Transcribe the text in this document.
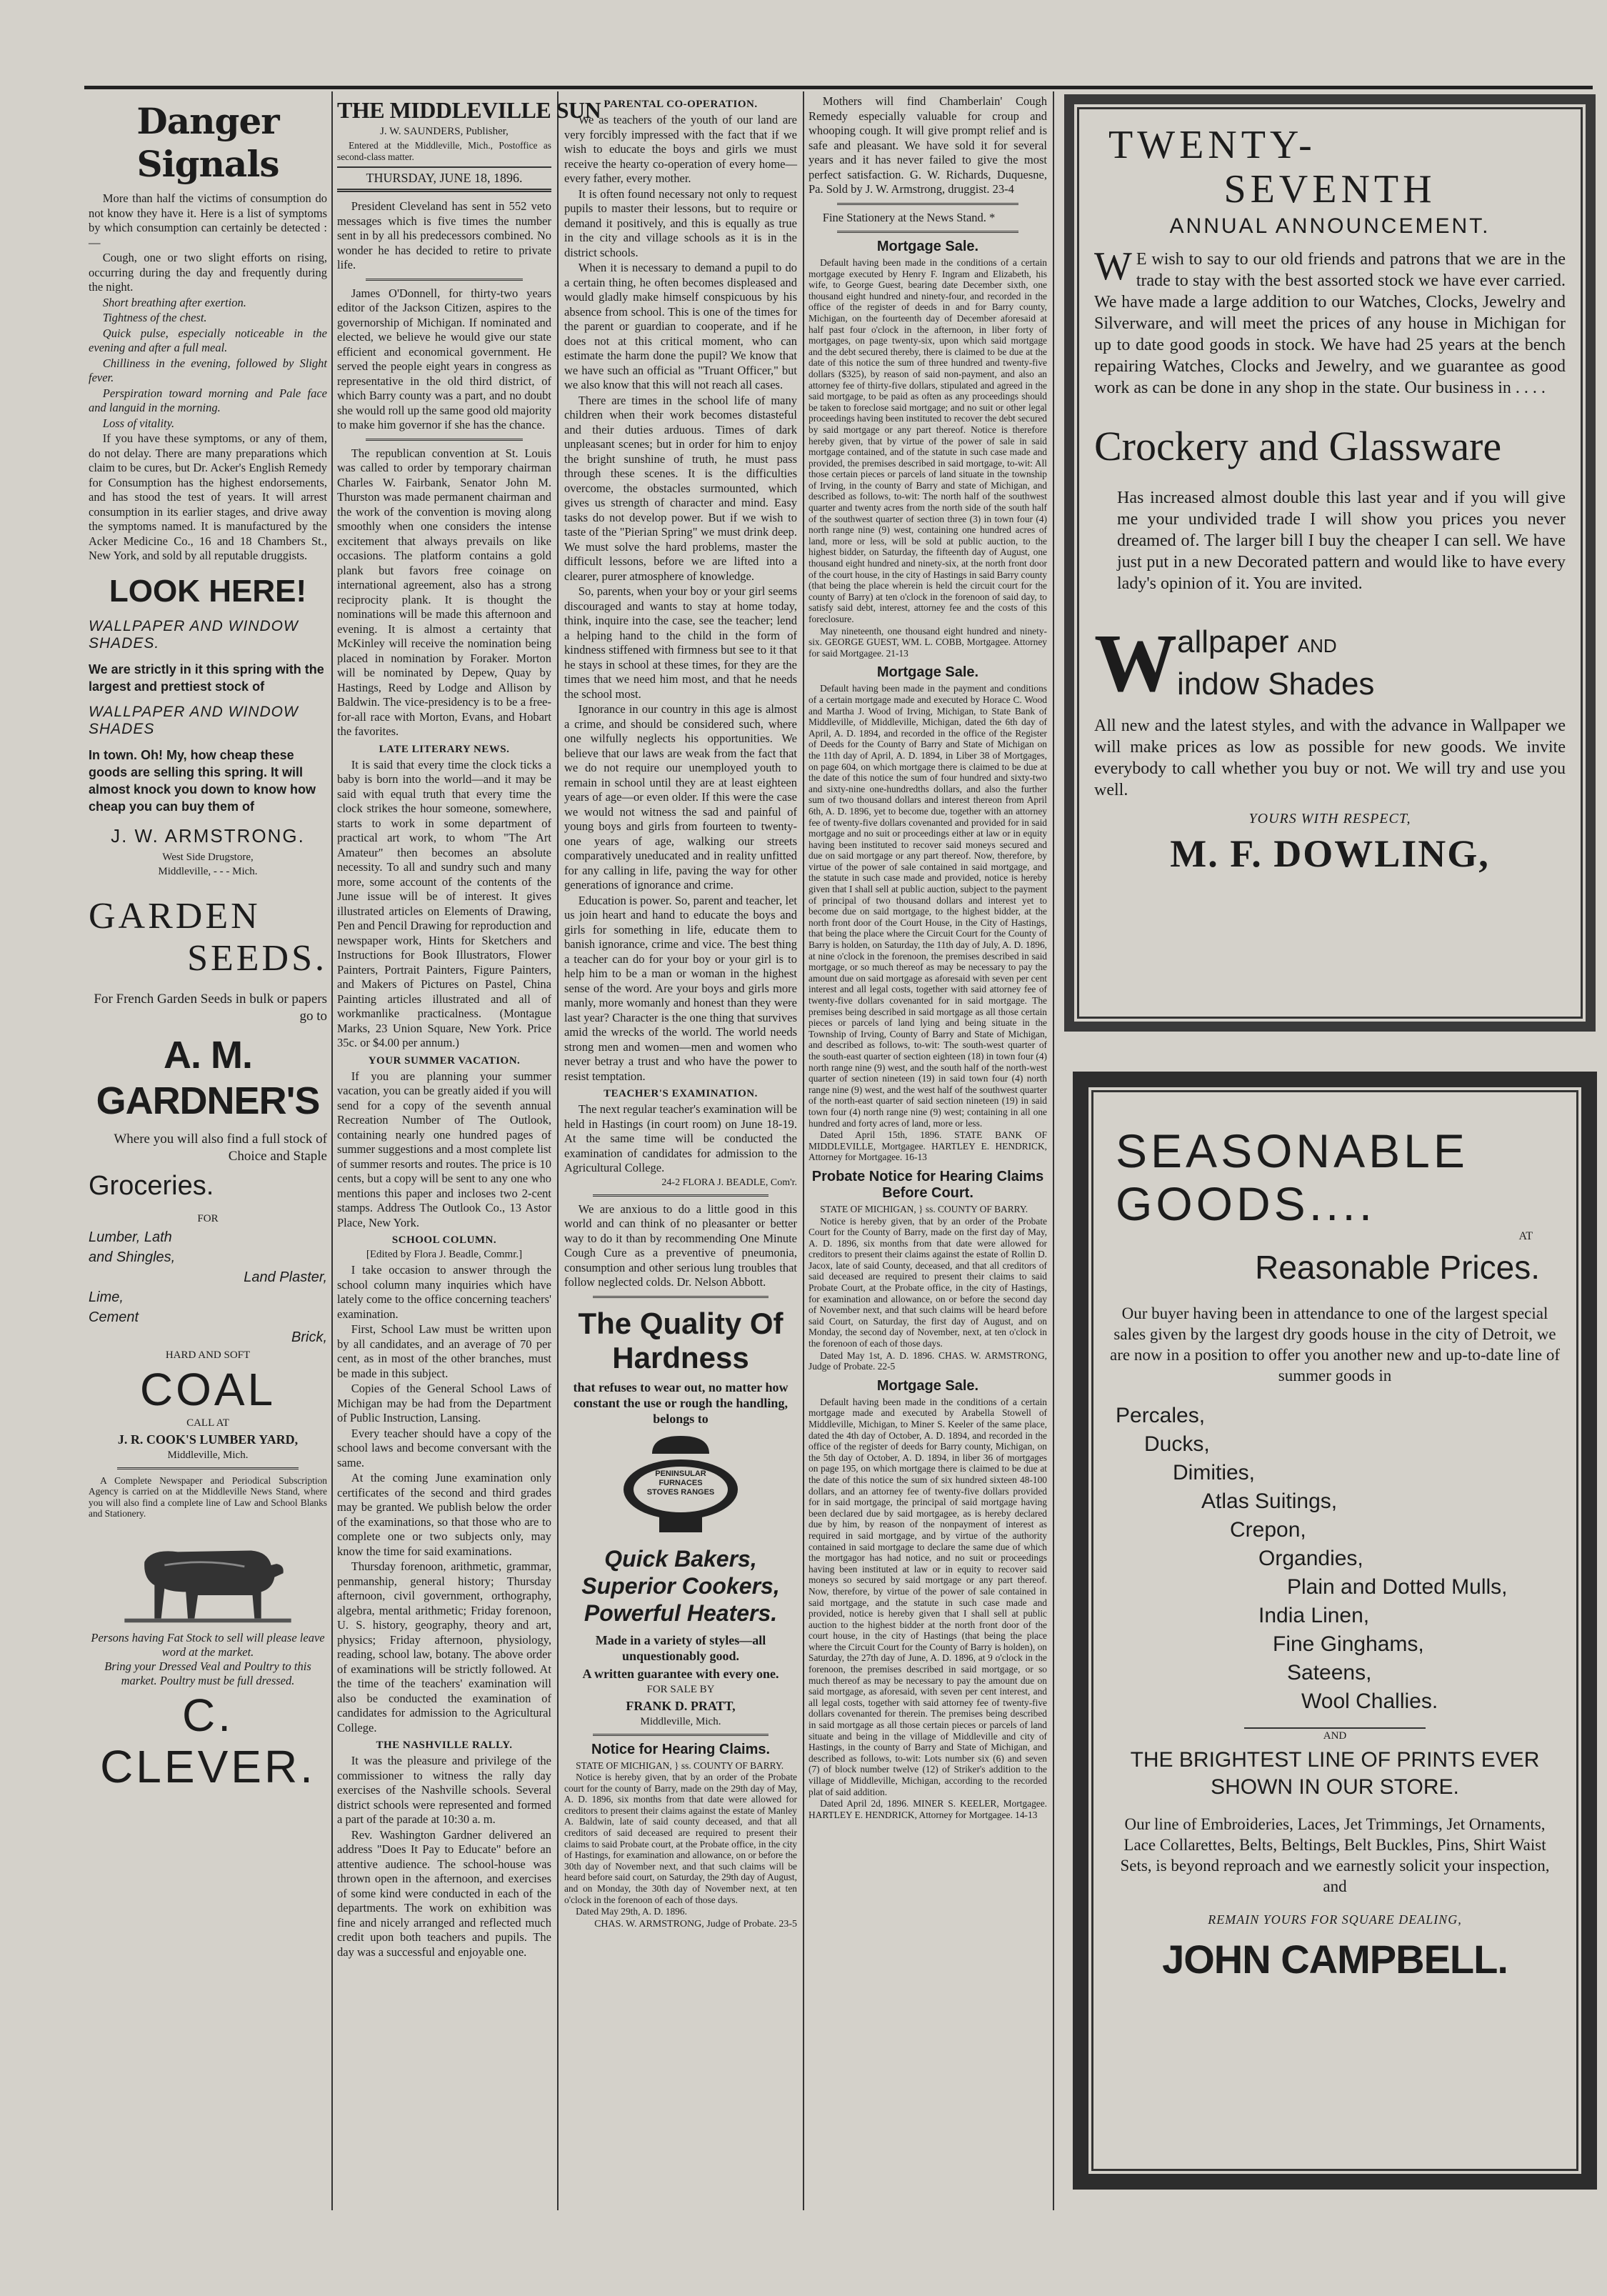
Danger Signals

More than half the victims of consumption do not know they have it. Here is a list of symptoms by which consumption can certainly be detected :—

Cough, one or two slight efforts on rising, occurring during the day and frequently during the night.

Short breathing after exertion.

Tightness of the chest.

Quick pulse, especially noticeable in the evening and after a full meal.

Chilliness in the evening, followed by Slight fever.

Perspiration toward morning and Pale face and languid in the morning.

Loss of vitality.

If you have these symptoms, or any of them, do not delay. There are many preparations which claim to be cures, but Dr. Acker's English Remedy for Consumption has the highest endorsements, and has stood the test of years. It will arrest consumption in its earlier stages, and drive away the symptoms named. It is manufactured by the Acker Medicine Co., 16 and 18 Chambers St., New York, and sold by all reputable druggists.

LOOK HERE!
WALLPAPER AND WINDOW SHADES.
We are strictly in it this spring with the largest and prettiest stock of
WALLPAPER AND WINDOW SHADES
In town. Oh! My, how cheap these goods are selling this spring. It will almost knock you down to know how cheap you can buy them of
J. W. ARMSTRONG.
West Side Drugstore,
Middleville, - - - Mich.
GARDEN
SEEDS.
For French Garden Seeds in bulk or papers go to
A. M. GARDNER'S
Where you will also find a full stock of Choice and Staple
Groceries.
FOR
Lumber, Lath
and Shingles,
Land Plaster,
Lime,
Cement
Brick,
HARD AND SOFT
COAL
CALL AT
J. R. COOK'S LUMBER YARD,
Middleville, Mich.

A Complete Newspaper and Periodical Subscription Agency is carried on at the Middleville News Stand, where you will also find a complete line of Law and School Blanks and Stationery.

Persons having Fat Stock to sell will please leave word at the market.
Bring your Dressed Veal and Poultry to this market. Poultry must be full dressed.
C. CLEVER.
THE MIDDLEVILLE SUN
J. W. SAUNDERS, Publisher,

Entered at the Middleville, Mich., Postoffice as second-class matter.

THURSDAY, JUNE 18, 1896.

President Cleveland has sent in 552 veto messages which is five times the number sent in by all his predecessors combined. No wonder he has decided to retire to private life.

James O'Donnell, for thirty-two years editor of the Jackson Citizen, aspires to the governorship of Michigan. If nominated and elected, we believe he would give our state efficient and economical government. He served the people eight years in congress as representative in the old third district, of which Barry county was a part, and no doubt she would roll up the same good old majority to make him governor if she has the chance.

The republican convention at St. Louis was called to order by temporary chairman Charles W. Fairbank, Senator John M. Thurston was made permanent chairman and the work of the convention is moving along smoothly when one considers the intense excitement that always prevails on like occasions. The platform contains a gold plank but favors free coinage on international agreement, also has a strong reciprocity plank. It is thought the nominations will be made this afternoon and evening. It is almost a certainty that McKinley will receive the nomination being placed in nomination by Foraker. Morton will be nominated by Depew, Quay by Hastings, Reed by Lodge and Allison by Baldwin. The vice-presidency is to be a free-for-all race with Morton, Evans, and Hobart the favorites.

LATE LITERARY NEWS.

It is said that every time the clock ticks a baby is born into the world—and it may be said with equal truth that every time the clock strikes the hour someone, somewhere, starts to work in some department of practical art work, to whom "The Art Amateur" then becomes an absolute necessity. To all and sundry such and many more, some account of the contents of the June issue will be of interest. It gives illustrated articles on Elements of Drawing, Pen and Pencil Drawing for reproduction and newspaper work, Hints for Sketchers and Instructions for Book Illustrators, Flower Painters, Portrait Painters, Figure Painters, and Makers of Pictures on Pastel, China Painting articles illustrated and all of workmanlike practicalness. (Montague Marks, 23 Union Square, New York. Price 35c. or $4.00 per annum.)

YOUR SUMMER VACATION.

If you are planning your summer vacation, you can be greatly aided if you will send for a copy of the seventh annual Recreation Number of The Outlook, containing nearly one hundred pages of summer suggestions and a most complete list of summer resorts and routes. The price is 10 cents, but a copy will be sent to any one who mentions this paper and incloses two 2-cent stamps. Address The Outlook Co., 13 Astor Place, New York.

SCHOOL COLUMN.
[Edited by Flora J. Beadle, Commr.]

I take occasion to answer through the school column many inquiries which have lately come to the office concerning teachers' examination.

First, School Law must be written upon by all candidates, and an average of 70 per cent, as in most of the other branches, must be made in this subject.

Copies of the General School Laws of Michigan may be had from the Department of Public Instruction, Lansing.

Every teacher should have a copy of the school laws and become conversant with the same.

At the coming June examination only certificates of the second and third grades may be granted. We publish below the order of the examinations, so that those who are to complete one or two subjects only, may know the time for said examinations.

Thursday forenoon, arithmetic, grammar, penmanship, general history; Thursday afternoon, civil government, orthography, algebra, mental arithmetic; Friday forenoon, U. S. history, geography, theory and art, physics; Friday afternoon, physiology, reading, school law, botany. The above order of examinations will be strictly followed. At the time of the teachers' examination will also be conducted the examination of candidates for admission to the Agricultural College.

THE NASHVILLE RALLY.

It was the pleasure and privilege of the commissioner to witness the rally day exercises of the Nashville schools. Several district schools were represented and formed a part of the parade at 10:30 a. m.

Rev. Washington Gardner delivered an address "Does It Pay to Educate" before an attentive audience. The school-house was thrown open in the afternoon, and exercises of some kind were conducted in each of the departments. The work on exhibition was fine and nicely arranged and reflected much credit upon both teachers and pupils. The day was a successful and enjoyable one.

PARENTAL CO-OPERATION.

We as teachers of the youth of our land are very forcibly impressed with the fact that if we wish to educate the boys and girls we must receive the hearty co-operation of every home—every father, every mother.

It is often found necessary not only to request pupils to master their lessons, but to require or demand it positively, and this is equally as true in the city and village schools as it is in the district schools.

When it is necessary to demand a pupil to do a certain thing, he often becomes displeased and would gladly make himself conspicuous by his absence from school. This is one of the times for the parent or guardian to cooperate, and if he does not at this critical moment, who can estimate the harm done the pupil? We know that we have such an official as "Truant Officer," but we also know that this will not reach all cases.

There are times in the school life of many children when their work becomes distasteful and their duties arduous. Times of dark unpleasant scenes; but in order for him to enjoy the bright sunshine of truth, he must pass through these scenes. It is the difficulties overcome, the obstacles surmounted, which gives us strength of character and mind. Easy tasks do not develop power. But if we wish to taste of the "Pierian Spring" we must drink deep. We must solve the hard problems, master the difficult lessons, before we are lifted into a clearer, purer atmosphere of knowledge.

So, parents, when your boy or your girl seems discouraged and wants to stay at home today, think, inquire into the case, see the teacher; lend a helping hand to the child in the form of kindness stiffened with firmness but see to it that he stays in school at these times, for they are the times that we need him most, and that he needs the school most.

Ignorance in our country in this age is almost a crime, and should be considered such, where one wilfully neglects his opportunities. We believe that our laws are weak from the fact that we do not require our unemployed youth to remain in school until they are at least eighteen years of age—or even older. If this were the case we would not witness the sad and painful of young boys and girls from fourteen to twenty-one years of age, walking our streets comparatively uneducated and in reality unfitted for any calling in life, paving the way for other generations of ignorance and crime.

Education is power. So, parent and teacher, let us join heart and hand to educate the boys and girls for something in life, educate them to banish ignorance, crime and vice. The best thing a teacher can do for your boy or your girl is to help him to be a man or woman in the highest sense of the word. Are your boys and girls more manly, more womanly and honest than they were last year? Character is the one thing that survives amid the wrecks of the world. The world needs strong men and women—men and women who never betray a trust and who have the power to resist temptation.

TEACHER'S EXAMINATION.

The next regular teacher's examination will be held in Hastings (in court room) on June 18-19. At the same time will be conducted the examination of candidates for admission to the Agricultural College.

24-2 FLORA J. BEADLE, Com'r.

We are anxious to do a little good in this world and can think of no pleasanter or better way to do it than by recommending One Minute Cough Cure as a preventive of pneumonia, consumption and other serious lung troubles that follow neglected colds. Dr. Nelson Abbott.

The Quality Of Hardness
that refuses to wear out, no matter how constant the use or rough the handling, belongs to
PENINSULAR FURNACES STOVES RANGES
Quick Bakers, Superior Cookers, Powerful Heaters.
Made in a variety of styles—all unquestionably good.
A written guarantee with every one.
FOR SALE BY
FRANK D. PRATT,
Middleville, Mich.
Notice for Hearing Claims.

STATE OF MICHIGAN, } ss. COUNTY OF BARRY.

Notice is hereby given, that by an order of the Probate court for the county of Barry, made on the 29th day of May, A. D. 1896, six months from that date were allowed for creditors to present their claims against the estate of Manley A. Baldwin, late of said county deceased, and that all creditors of said deceased are required to present their claims to said Probate court, at the Probate office, in the city of Hastings, for examination and allowance, on or before the 30th day of November next, and that such claims will be heard before said court, on Saturday, the 29th day of August, and on Monday, the 30th day of November next, at ten o'clock in the forenoon of each of those days.

Dated May 29th, A. D. 1896.

CHAS. W. ARMSTRONG, Judge of Probate. 23-5

Mothers will find Chamberlain' Cough Remedy especially valuable for croup and whooping cough. It will give prompt relief and is safe and pleasant. We have sold it for several years and it has never failed to give the most perfect satisfaction. G. W. Richards, Duquesne, Pa. Sold by J. W. Armstrong, druggist. 23-4

Fine Stationery at the News Stand. *

Mortgage Sale.

Default having been made in the conditions of a certain mortgage executed by Henry F. Ingram and Elizabeth, his wife, to George Guest, bearing date December sixth, one thousand eight hundred and ninety-four, and recorded in the office of the register of deeds in and for Barry county, Michigan, on the fourteenth day of December aforesaid at half past four o'clock in the afternoon, in liber forty of mortgages, on page twenty-six, upon which said mortgage and the debt secured thereby, there is claimed to be due at the date of this notice the sum of three hundred and twenty-five dollars ($325), by reason of said non-payment, and also an attorney fee of thirty-five dollars, stipulated and agreed in the said mortgage, to be paid as often as any proceedings should be taken to foreclose said mortgage; and no suit or other legal proceedings having been instituted to recover the debt secured by said mortgage or any part thereof. Notice is therefore hereby given, that by virtue of the power of sale in said mortgage contained, and of the statute in such case made and provided, the premises described in said mortgage, to-wit: All those certain pieces or parcels of land situate in the township of Irving, in the county of Barry and state of Michigan, and described as follows, to-wit: The north half of the southwest quarter and twenty acres from the north side of the south half of the southwest quarter of section three (3) in town four (4) north range nine (9) west, containing one hundred acres of land, more or less, will be sold at public auction, to the highest bidder, on Saturday, the fifteenth day of August, one thousand eight hundred and ninety-six, at the north front door of the court house, in the city of Hastings in said Barry county (that being the place wherein is held the circuit court for the county of Barry) at ten o'clock in the forenoon of said day, to satisfy said debt, interest, attorney fee and the costs of this foreclosure.

May nineteenth, one thousand eight hundred and ninety-six. GEORGE GUEST, WM. L. COBB, Mortgagee. Attorney for said Mortgagee. 21-13

Mortgage Sale.

Default having been made in the payment and conditions of a certain mortgage made and executed by Horace C. Wood and Martha J. Wood of Irving, Michigan, to State Bank of Middleville, of Middleville, Michigan, dated the 6th day of April, A. D. 1894, and recorded in the office of the Register of Deeds for the County of Barry and State of Michigan on the 11th day of April, A. D. 1894, in Liber 38 of Mortgages, on page 604, on which mortgage there is claimed to be due at the date of this notice the sum of four hundred and sixty-two and sixty-nine one-hundredths dollars, and also the further sum of two thousand dollars and interest thereon from April 6th, A. D. 1896, yet to become due, together with an attorney fee of twenty-five dollars covenanted and provided for in said mortgage and no suit or proceedings either at law or in equity having been instituted to recover said moneys secured and due on said mortgage or any part thereof. Now, therefore, by virtue of the power of sale contained in said mortgage, and the statute in such case made and provided, notice is hereby given that I shall sell at public auction, subject to the payment of principal of two thousand dollars and interest yet to become due on said mortgage, to the highest bidder, at the north front door of the Court House, in the City of Hastings, that being the place where the Circuit Court for the County of Barry is holden, on Saturday, the 11th day of July, A. D. 1896, at nine o'clock in the forenoon, the premises described in said mortgage, or so much thereof as may be necessary to pay the amount due on said mortgage as aforesaid with seven per cent interest and all legal costs, together with said attorney fee of twenty-five dollars covenanted for in said mortgage. The premises being described in said mortgage as all those certain pieces or parcels of land lying and being situate in the Township of Irving, County of Barry and State of Michigan, and described as follows, to-wit: The south-west quarter of the south-east quarter of section eighteen (18) in town four (4) north range nine (9) west, and the south half of the north-west quarter of section nineteen (19) in said town four (4) north range nine (9) west, and the west half of the southwest quarter of the north-east quarter of said section nineteen (19) in said town four (4) north range nine (9) west; containing in all one hundred and forty acres of land, more or less.

Dated April 15th, 1896. STATE BANK OF MIDDLEVILLE, Mortgagee. HARTLEY E. HENDRICK, Attorney for Mortgagee. 16-13

Probate Notice for Hearing Claims Before Court.

STATE OF MICHIGAN, } ss. COUNTY OF BARRY.

Notice is hereby given, that by an order of the Probate Court for the County of Barry, made on the first day of May, A. D. 1896, six months from that date were allowed for creditors to present their claims against the estate of Rollin D. Jacox, late of said County, deceased, and that all creditors of said deceased are required to present their claims to said Probate Court, at the Probate office, in the city of Hastings, for examination and allowance, on or before the second day of November next, and that such claims will be heard before said Court, on Saturday, the first day of August, and on Monday, the second day of November, next, at ten o'clock in the forenoon of each of those days.

Dated May 1st, A. D. 1896. CHAS. W. ARMSTRONG, Judge of Probate. 22-5

Mortgage Sale.

Default having been made in the conditions of a certain mortgage made and executed by Arabella Stowell of Middleville, Michigan, to Miner S. Keeler of the same place, dated the 4th day of October, A. D. 1894, and recorded in the office of the register of deeds for Barry county, Michigan, on the 5th day of October, A. D. 1894, in liber 36 of mortgages on page 195, on which mortgage there is claimed to be due at the date of this notice the sum of six hundred sixteen 48-100 dollars, and an attorney fee of twenty-five dollars provided for in said mortgage, the principal of said mortgage having been declared due by said mortgagee, as is hereby declared due by him, by reason of the nonpayment of interest as required in said mortgage, and by virtue of the authority contained in said mortgage to declare the same due of which the mortgagor has had notice, and no suit or proceedings having been instituted at law or in equity to recover said moneys so secured by said mortgage or any part thereof. Now, therefore, by virtue of the power of sale contained in said mortgage, and the statute in such case made and provided, notice is hereby given that I shall sell at public auction to the highest bidder at the north front door of the court house, in the city of Hastings (that being the place where the Circuit Court for the County of Barry is holden), on Saturday, the 27th day of June, A. D. 1896, at 9 o'clock in the forenoon, the premises described in said mortgage, or so much thereof as may be necessary to pay the amount due on said mortgage, as aforesaid, with seven per cent interest, and all legal costs, together with said attorney fee of twenty-five dollars covenanted for therein. The premises being described in said mortgage as all those certain pieces or parcels of land situate and being in the village of Middleville and city of Hastings, in the county of Barry and State of Michigan, and described as follows, to-wit: Lots number six (6) and seven (7) of block number twelve (12) of Striker's addition to the village of Middleville, Michigan, according to the recorded plat of said addition.

Dated April 2d, 1896. MINER S. KEELER, Mortgagee. HARTLEY E. HENDRICK, Attorney for Mortgagee. 14-13

TWENTY-
SEVENTH
ANNUAL ANNOUNCEMENT.

W E wish to say to our old friends and patrons that we are in the trade to stay with the best assorted stock we have ever carried. We have made a large addition to our Watches, Clocks, Jewelry and Silverware, and will meet the prices of any house in Michigan for up to date good goods in stock. We have had 25 years at the bench repairing Watches, Clocks and Jewelry, and we guarantee as good work as can be done in any shop in the state. Our business in . . . .

Crockery and Glassware

Has increased almost double this last year and if you will give me your undivided trade I will show you prices you never dreamed of. The larger bill I buy the cheaper I can sell. We have just put in a new Decorated pattern and would like to have every lady's opinion of it. You are invited.

W allpaper AND
indow Shades

All new and the latest styles, and with the advance in Wallpaper we will make prices as low as possible for new goods. We invite everybody to call whether you buy or not. We will try and use you well.

YOURS WITH RESPECT,
M. F. DOWLING,
SEASONABLE GOODS....
AT
Reasonable Prices.

Our buyer having been in attendance to one of the largest special sales given by the largest dry goods house in the city of Detroit, we are now in a position to offer you another new and up-to-date line of summer goods in

Percales,
Ducks,
Dimities,
Atlas Suitings,
Crepon,
Organdies,
Plain and Dotted Mulls,
India Linen,
Fine Ginghams,
Sateens,
Wool Challies.
AND
THE BRIGHTEST LINE OF PRINTS EVER SHOWN IN OUR STORE.

Our line of Embroideries, Laces, Jet Trimmings, Jet Ornaments, Lace Collarettes, Belts, Beltings, Belt Buckles, Pins, Shirt Waist Sets, is beyond reproach and we earnestly solicit your inspection, and

REMAIN YOURS FOR SQUARE DEALING,
JOHN CAMPBELL.
